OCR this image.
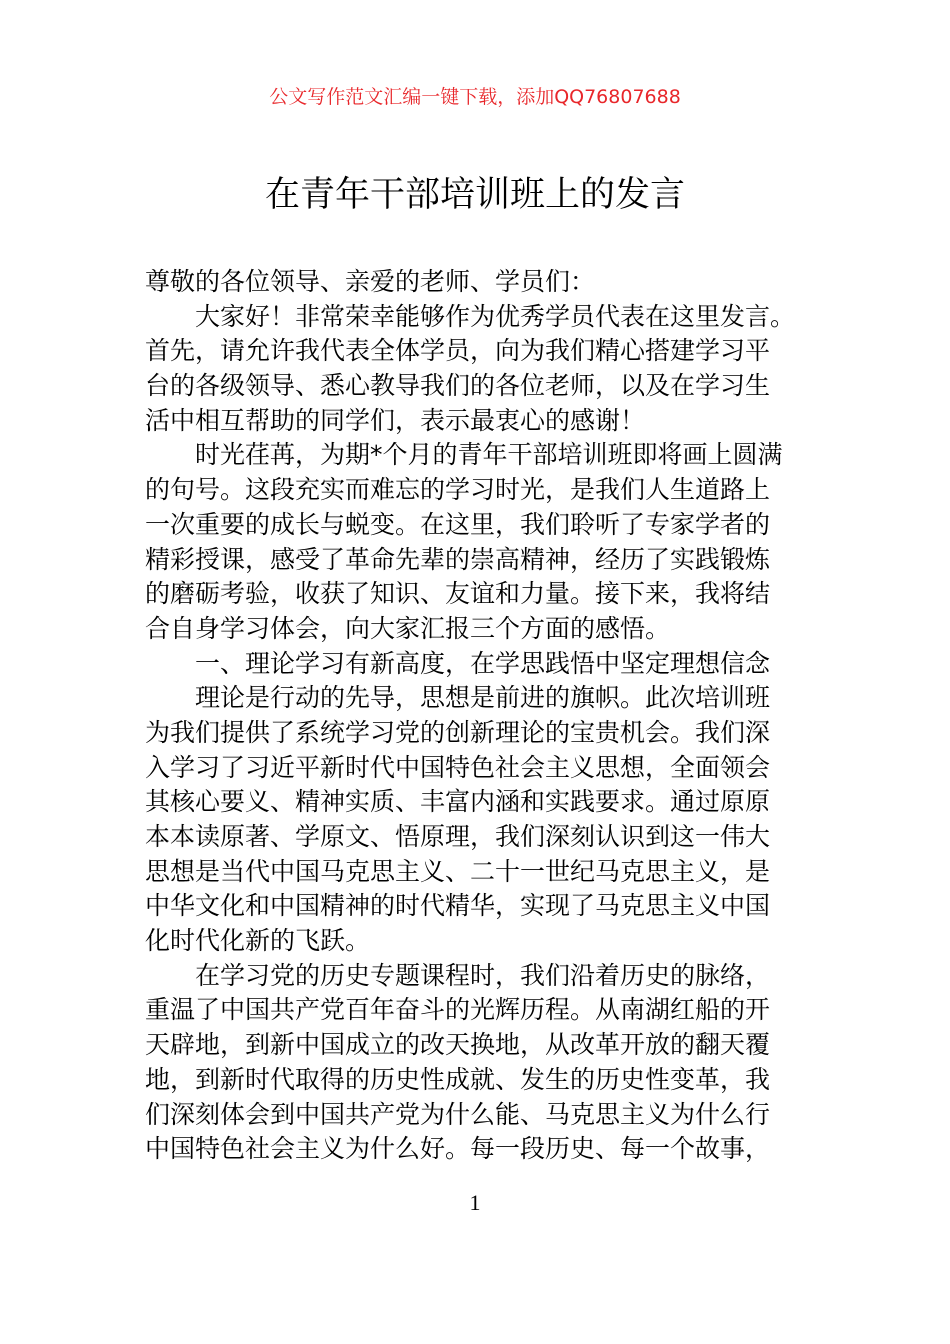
公文写作范文汇编一键下载，添加QQ76807688
在青年干部培训班上的发言
尊敬的各位领导、亲爱的老师、学员们：
大家好！非常荣幸能够作为优秀学员代表在这里发言。
首先，请允许我代表全体学员，向为我们精心搭建学习平
台的各级领导、悉心教导我们的各位老师，以及在学习生
活中相互帮助的同学们，表示最衷心的感谢！
时光荏苒，为期*个月的青年干部培训班即将画上圆满
的句号。这段充实而难忘的学习时光，是我们人生道路上
一次重要的成长与蜕变。在这里，我们聆听了专家学者的
精彩授课，感受了革命先辈的崇高精神，经历了实践锻炼
的磨砺考验，收获了知识、友谊和力量。接下来，我将结
合自身学习体会，向大家汇报三个方面的感悟。
一、理论学习有新高度，在学思践悟中坚定理想信念
理论是行动的先导，思想是前进的旗帜。此次培训班
为我们提供了系统学习党的创新理论的宝贵机会。我们深
入学习了习近平新时代中国特色社会主义思想，全面领会
其核心要义、精神实质、丰富内涵和实践要求。通过原原
本本读原著、学原文、悟原理，我们深刻认识到这一伟大
思想是当代中国马克思主义、二十一世纪马克思主义，是
中华文化和中国精神的时代精华，实现了马克思主义中国
化时代化新的飞跃。
在学习党的历史专题课程时，我们沿着历史的脉络，
重温了中国共产党百年奋斗的光辉历程。从南湖红船的开
天辟地，到新中国成立的改天换地，从改革开放的翻天覆
地，到新时代取得的历史性成就、发生的历史性变革，我
们深刻体会到中国共产党为什么能、马克思主义为什么行
中国特色社会主义为什么好。每一段历史、每一个故事，
1
